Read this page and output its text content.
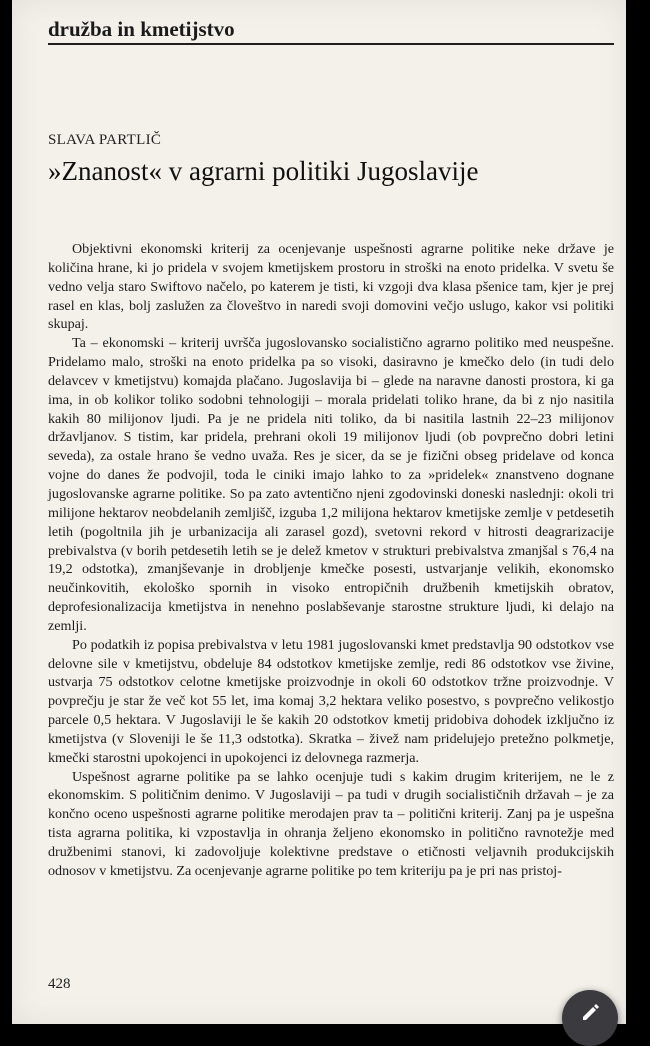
družba in kmetijstvo
SLAVA PARTLIČ
»Znanost« v agrarni politiki Jugoslavije

Objektivni ekonomski kriterij za ocenjevanje uspešnosti agrarne politike neke države je količina hrane, ki jo pridela v svojem kmetijskem prostoru in stroški na enoto pridelka. V svetu še vedno velja staro Swiftovo načelo, po katerem je tisti, ki vzgoji dva klasa pšenice tam, kjer je prej rasel en klas, bolj zaslužen za človeštvo in naredi svoji domovini večjo uslugo, kakor vsi politiki skupaj.

Ta – ekonomski – kriterij uvršča jugoslovansko socialistično agrarno politiko med neuspešne. Pridelamo malo, stroški na enoto pridelka pa so visoki, dasiravno je kmečko delo (in tudi delo delavcev v kmetijstvu) komajda plačano. Jugoslavija bi – glede na naravne danosti prostora, ki ga ima, in ob kolikor toliko sodobni tehnologiji – morala pridelati toliko hrane, da bi z njo nasitila kakih 80 milijonov ljudi. Pa je ne pridela niti toliko, da bi nasitila lastnih 22–23 milijonov državljanov. S tistim, kar pridela, prehrani okoli 19 milijonov ljudi (ob povprečno dobri letini seveda), za ostale hrano še vedno uvaža. Res je sicer, da se je fizični obseg pridelave od konca vojne do danes že podvojil, toda le ciniki imajo lahko to za »pridelek« znanstveno dognane jugoslovanske agrarne politike. So pa zato avtentično njeni zgodovinski doneski naslednji: okoli tri milijone hektarov neobdelanih zemljišč, izguba 1,2 milijona hektarov kmetijske zemlje v petdesetih letih (pogoltnila jih je urbanizacija ali zarasel gozd), svetovni rekord v hitrosti deagrarizacije prebivalstva (v borih petdesetih letih se je delež kmetov v strukturi prebivalstva zmanjšal s 76,4 na 19,2 odstotka), zmanjševanje in drobljenje kmečke posesti, ustvarjanje velikih, ekonomsko neučinkovitih, ekološko spornih in visoko entropičnih družbenih kmetijskih obratov, deprofesionalizacija kmetijstva in nenehno poslabševanje starostne strukture ljudi, ki delajo na zemlji.

Po podatkih iz popisa prebivalstva v letu 1981 jugoslovanski kmet predstavlja 90 odstotkov vse delovne sile v kmetijstvu, obdeluje 84 odstotkov kmetijske zemlje, redi 86 odstotkov vse živine, ustvarja 75 odstotkov celotne kmetijske proizvodnje in okoli 60 odstotkov tržne proizvodnje. V povprečju je star že več kot 55 let, ima komaj 3,2 hektara veliko posestvo, s povprečno velikostjo parcele 0,5 hektara. V Jugoslaviji le še kakih 20 odstotkov kmetij pridobiva dohodek izključno iz kmetijstva (v Sloveniji le še 11,3 odstotka). Skratka – živež nam pridelujejo pretežno polkmetje, kmečki starostni upokojenci in upokojenci iz delovnega razmerja.

Uspešnost agrarne politike pa se lahko ocenjuje tudi s kakim drugim kriterijem, ne le z ekonomskim. S političnim denimo. V Jugoslaviji – pa tudi v drugih socialističnih državah – je za končno oceno uspešnosti agrarne politike merodajen prav ta – politični kriterij. Zanj pa je uspešna tista agrarna politika, ki vzpostavlja in ohranja željeno ekonomsko in politično ravnotežje med družbenimi stanovi, ki zadovoljuje kolektivne predstave o etičnosti veljavnih produkcijskih odnosov v kmetijstvu. Za ocenjevanje agrarne politike po tem kriteriju pa je pri nas pristoj-

428
